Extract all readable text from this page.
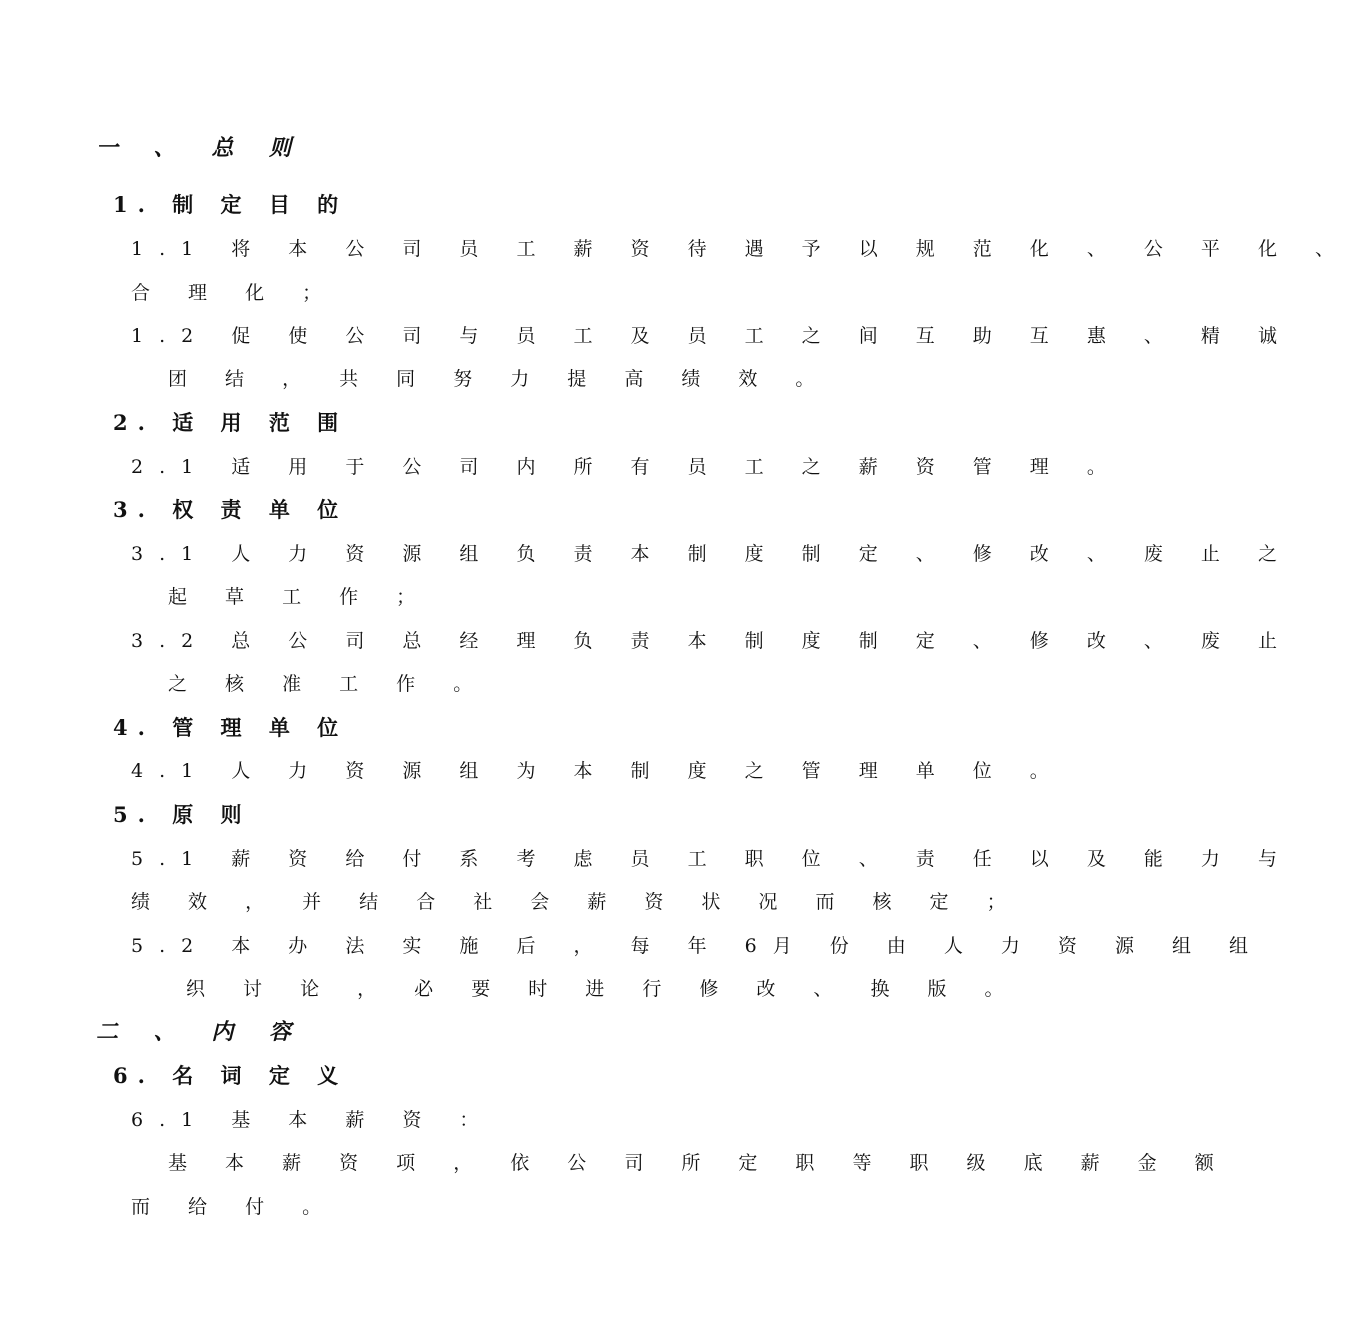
一 、 总 则
1. 制 定 目 的
1.1 将 本 公 司 员 工 薪 资 待 遇 予 以 规 范 化 、 公 平 化 、
合 理 化 ；
1.2 促 使 公 司 与 员 工 及 员 工 之 间 互 助 互 惠 、 精 诚
团 结 ， 共 同 努 力 提 高 绩 效 。
2. 适 用 范 围
2.1 适 用 于 公 司 内 所 有 员 工 之 薪 资 管 理 。
3. 权 责 单 位
3.1 人 力 资 源 组 负 责 本 制 度 制 定 、 修 改 、 废 止 之
起 草 工 作 ；
3.2 总 公 司 总 经 理 负 责 本 制 度 制 定 、 修 改 、 废 止
之 核 准 工 作 。
4. 管 理 单 位
4.1 人 力 资 源 组 为 本 制 度 之 管 理 单 位 。
5. 原 则
5.1 薪 资 给 付 系 考 虑 员 工 职 位 、 责 任 以 及 能 力 与
绩 效 ， 并 结 合 社 会 薪 资 状 况 而 核 定 ；
5.2 本 办 法 实 施 后 ， 每 年 6月 份 由 人 力 资 源 组 组
织 讨 论 ， 必 要 时 进 行 修 改 、 换 版 。
二 、 内 容
6. 名 词 定 义
6.1 基 本 薪 资 ：
基 本 薪 资 项 ， 依 公 司 所 定 职 等 职 级 底 薪 金 额
而 给 付 。
